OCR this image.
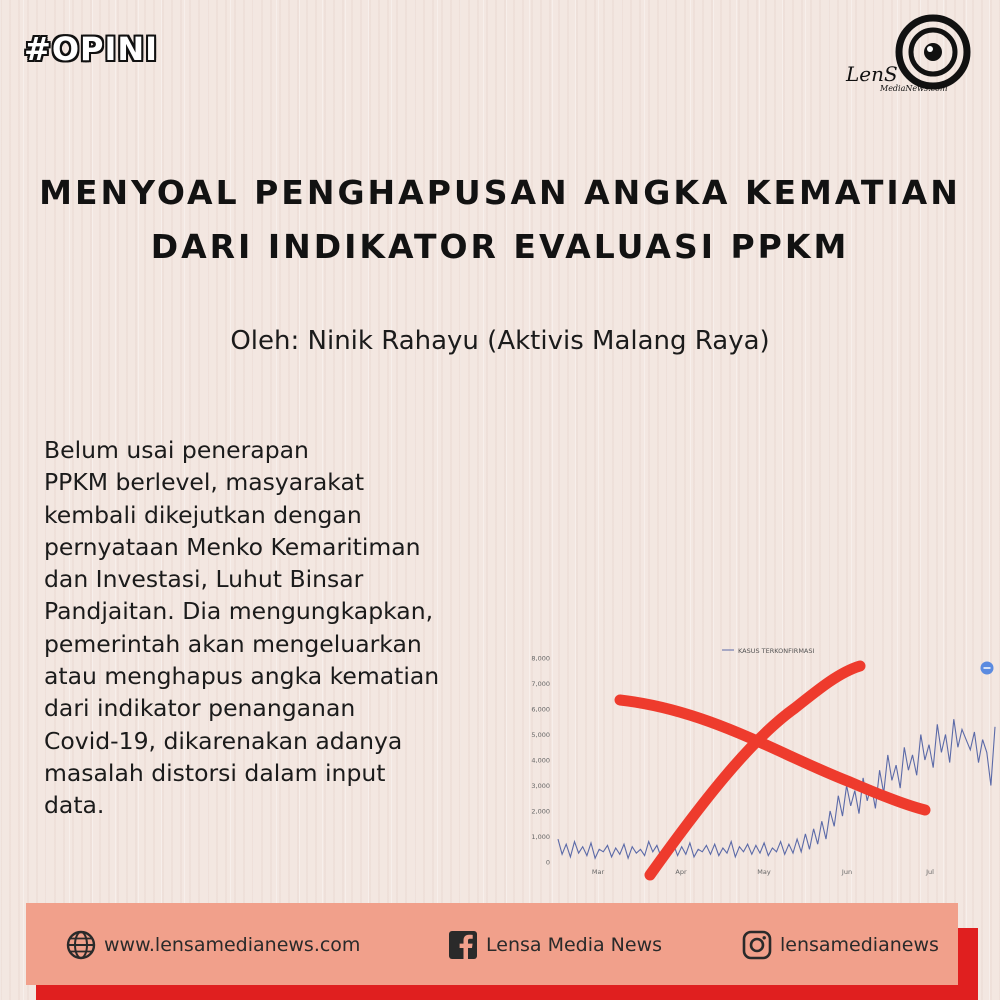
#OPINI
LenS
MediaNews.com
MENYOAL PENGHAPUSAN ANGKA KEMATIAN
DARI INDIKATOR EVALUASI PPKM
Oleh: Ninik Rahayu (Aktivis Malang Raya)
Belum usai penerapan
PPKM berlevel, masyarakat
kembali dikejutkan dengan
pernyataan Menko Kemaritiman
dan Investasi, Luhut Binsar
Pandjaitan. Dia mengungkapkan,
pemerintah akan mengeluarkan
atau menghapus angka kematian
dari indikator penanganan
Covid-19, dikarenakan adanya
masalah distorsi dalam input
data.
KASUS TERKONFIRMASI
8,000
7,000
6,000
5,000
4,000
3,000
2,000
1,000
0
Mar	Apr	May	Jun	Jul
www.lensamedianews.com	Lensa Media News	lensamedianews
